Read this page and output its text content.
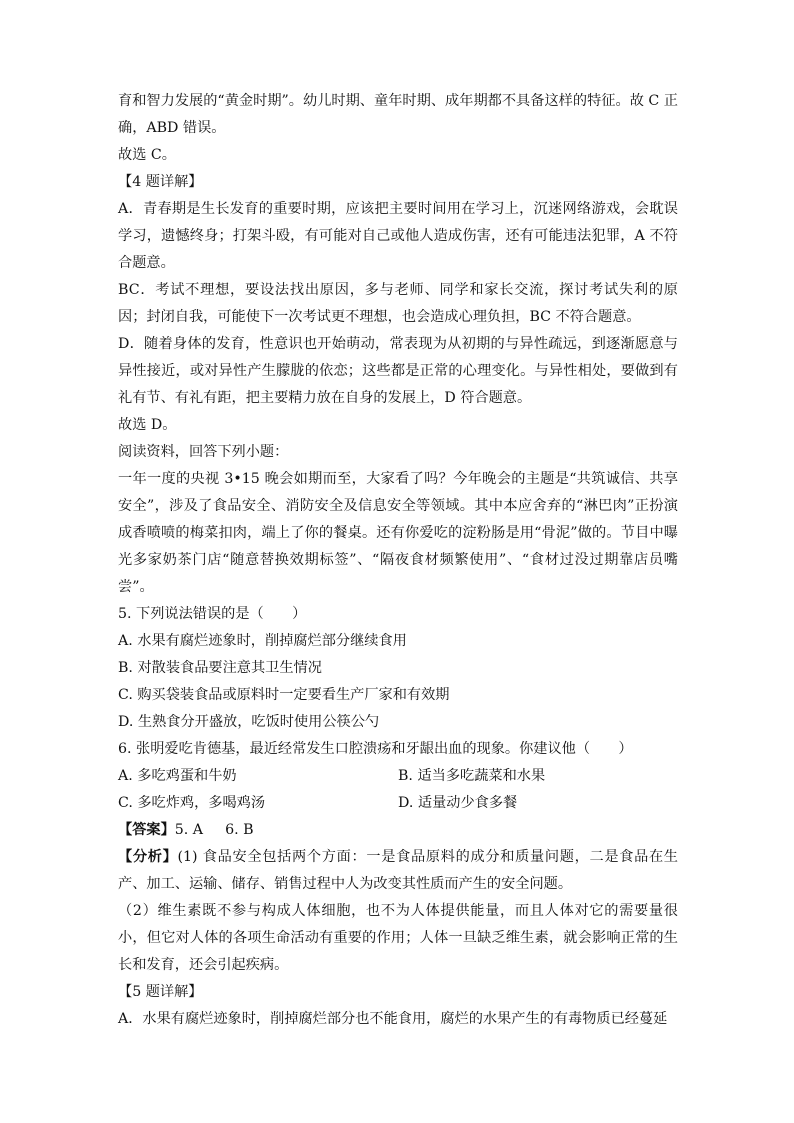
育和智力发展的“黄金时期”。幼儿时期、童年时期、成年期都不具备这样的特征。故 C 正确，ABD 错误。

故选 C。

【4 题详解】

A．青春期是生长发育的重要时期，应该把主要时间用在学习上，沉迷网络游戏，会耽误学习，遗憾终身；打架斗殴，有可能对自己或他人造成伤害，还有可能违法犯罪，A 不符合题意。

BC．考试不理想，要设法找出原因，多与老师、同学和家长交流，探讨考试失利的原因；封闭自我，可能使下一次考试更不理想，也会造成心理负担，BC 不符合题意。

D．随着身体的发育，性意识也开始萌动，常表现为从初期的与异性疏远，到逐渐愿意与异性接近，或对异性产生朦胧的依恋；这些都是正常的心理变化。与异性相处，要做到有礼有节、有礼有距，把主要精力放在自身的发展上，D 符合题意。

故选 D。

阅读资料，回答下列小题：

一年一度的央视 3•15 晚会如期而至，大家看了吗？今年晚会的主题是“共筑诚信、共享安全”，涉及了食品安全、消防安全及信息安全等领域。其中本应舍弃的“淋巴肉”正扮演成香喷喷的梅菜扣肉，端上了你的餐桌。还有你爱吃的淀粉肠是用“骨泥”做的。节目中曝光多家奶茶门店“随意替换效期标签”、“隔夜食材频繁使用”、“食材过没过期靠店员嘴尝”。

5. 下列说法错误的是（　　）

A. 水果有腐烂迹象时，削掉腐烂部分继续食用

B. 对散装食品要注意其卫生情况

C. 购买袋装食品或原料时一定要看生产厂家和有效期

D. 生熟食分开盛放，吃饭时使用公筷公勺

6. 张明爱吃肯德基，最近经常发生口腔溃疡和牙龈出血的现象。你建议他（　　）

A. 多吃鸡蛋和牛奶	B. 适当多吃蔬菜和水果
C. 多吃炸鸡，多喝鸡汤	D. 适量动少食多餐

【答案】5. A 6. B

【分析】(1) 食品安全包括两个方面：一是食品原料的成分和质量问题，二是食品在生产、加工、运输、储存、销售过程中人为改变其性质而产生的安全问题。

（2）维生素既不参与构成人体细胞，也不为人体提供能量，而且人体对它的需要量很小，但它对人体的各项生命活动有重要的作用；人体一旦缺乏维生素，就会影响正常的生长和发育，还会引起疾病。

【5 题详解】

A．水果有腐烂迹象时，削掉腐烂部分也不能食用，腐烂的水果产生的有毒物质已经蔓延
